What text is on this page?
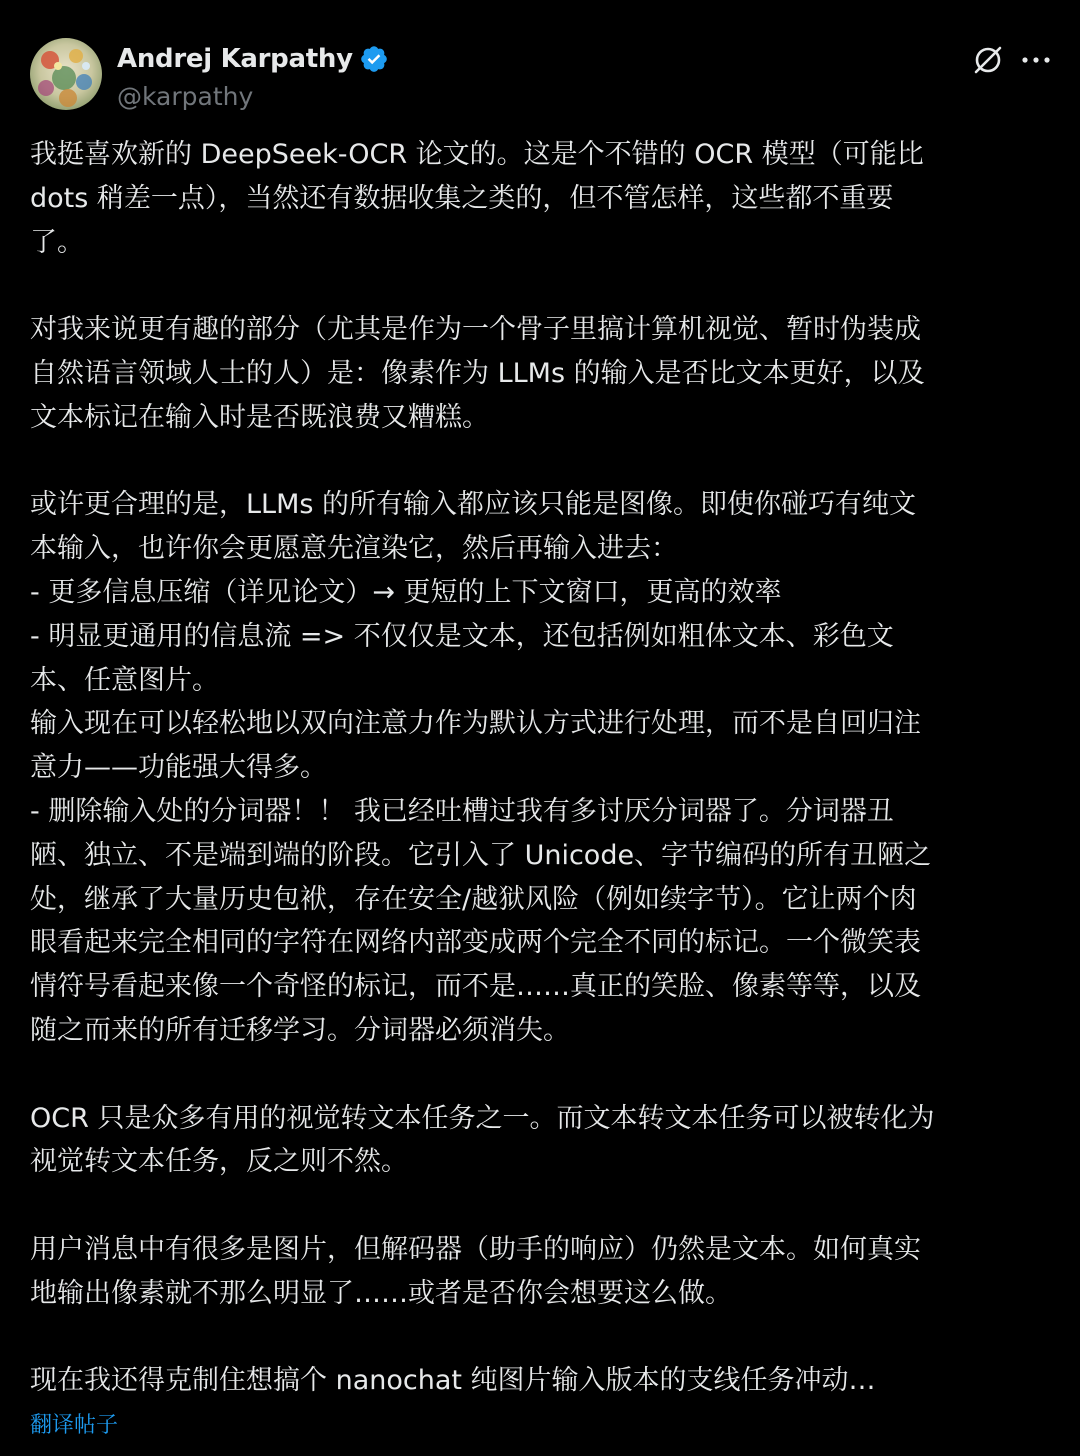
Andrej Karpathy
@karpathy
我挺喜欢新的 DeepSeek-OCR 论文的。这是个不错的 OCR 模型（可能比
dots 稍差一点），当然还有数据收集之类的，但不管怎样，这些都不重要
了。
对我来说更有趣的部分（尤其是作为一个骨子里搞计算机视觉、暂时伪装成
自然语言领域人士的人）是：像素作为 LLMs 的输入是否比文本更好，以及
文本标记在输入时是否既浪费又糟糕。
或许更合理的是，LLMs 的所有输入都应该只能是图像。即使你碰巧有纯文
本输入，也许你会更愿意先渲染它，然后再输入进去：
- 更多信息压缩（详见论文）→ 更短的上下文窗口，更高的效率
- 明显更通用的信息流 => 不仅仅是文本，还包括例如粗体文本、彩色文
本、任意图片。
输入现在可以轻松地以双向注意力作为默认方式进行处理，而不是自回归注
意力——功能强大得多。
- 删除输入处的分词器！！ 我已经吐槽过我有多讨厌分词器了。分词器丑
陋、独立、不是端到端的阶段。它引入了 Unicode、字节编码的所有丑陋之
处，继承了大量历史包袱，存在安全/越狱风险（例如续字节）。它让两个肉
眼看起来完全相同的字符在网络内部变成两个完全不同的标记。一个微笑表
情符号看起来像一个奇怪的标记，而不是……真正的笑脸、像素等等，以及
随之而来的所有迁移学习。分词器必须消失。
OCR 只是众多有用的视觉转文本任务之一。而文本转文本任务可以被转化为
视觉转文本任务，反之则不然。
用户消息中有很多是图片，但解码器（助手的响应）仍然是文本。如何真实
地输出像素就不那么明显了……或者是否你会想要这么做。
现在我还得克制住想搞个 nanochat 纯图片输入版本的支线任务冲动…
翻译帖子
